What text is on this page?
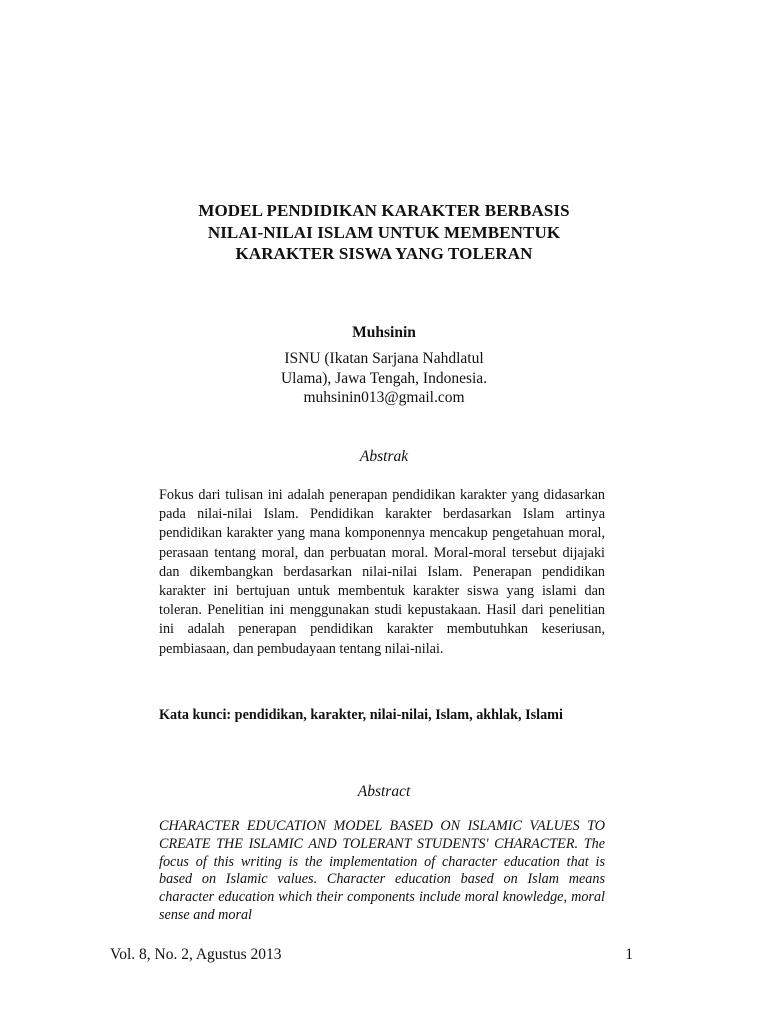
MODEL PENDIDIKAN KARAKTER BERBASIS
NILAI-NILAI ISLAM UNTUK MEMBENTUK
KARAKTER SISWA YANG TOLERAN
Muhsinin
ISNU (Ikatan Sarjana Nahdlatul
Ulama), Jawa Tengah, Indonesia.
muhsinin013@gmail.com
Abstrak
Fokus dari tulisan ini adalah penerapan pendidikan karakter yang didasarkan pada nilai-nilai Islam. Pendidikan karakter berdasarkan Islam artinya pendidikan karakter yang mana komponennya mencakup pengetahuan moral, perasaan tentang moral, dan perbuatan moral. Moral-moral tersebut dijajaki dan dikembangkan berdasarkan nilai-nilai Islam. Penerapan pendidikan karakter ini bertujuan untuk membentuk karakter siswa yang islami dan toleran. Penelitian ini menggunakan studi kepustakaan. Hasil dari penelitian ini adalah penerapan pendidikan karakter membutuhkan keseriusan, pembiasaan, dan pembudayaan tentang nilai-nilai.
Kata kunci: pendidikan, karakter, nilai-nilai, Islam, akhlak, Islami
Abstract
CHARACTER EDUCATION MODEL BASED ON ISLAMIC VALUES TO CREATE THE ISLAMIC AND TOLERANT STUDENTS' CHARACTER. The focus of this writing is the implementation of character education that is based on Islamic values. Character education based on Islam means character education which their components include moral knowledge, moral sense and moral
Vol. 8, No. 2, Agustus 2013	1
